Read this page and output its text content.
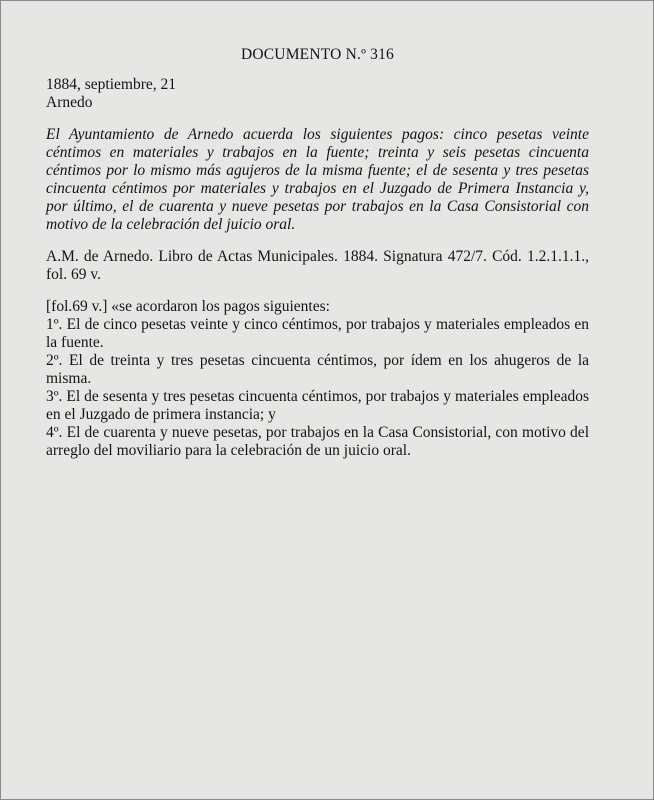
DOCUMENTO N.º 316

1884, septiembre, 21

Arnedo

El Ayuntamiento de Arnedo acuerda los siguientes pagos: cinco pesetas veinte céntimos en materiales y trabajos en la fuente; treinta y seis pesetas cincuenta céntimos por lo mismo más agujeros de la misma fuente; el de sesenta y tres pesetas cincuenta céntimos por materiales y trabajos en el Juzgado de Primera Instancia y, por último, el de cuarenta y nueve pesetas por trabajos en la Casa Consistorial con motivo de la celebración del juicio oral.

A.M. de Arnedo. Libro de Actas Municipales. 1884. Signatura 472/7. Cód. 1.2.1.1.1., fol. 69 v.

[fol.69 v.] «se acordaron los pagos siguientes:

1º. El de cinco pesetas veinte y cinco céntimos, por trabajos y materiales empleados en la fuente.

2º. El de treinta y tres pesetas cincuenta céntimos, por ídem en los ahugeros de la misma.

3º. El de sesenta y tres pesetas cincuenta céntimos, por trabajos y materiales empleados en el Juzgado de primera instancia; y

4º. El de cuarenta y nueve pesetas, por trabajos en la Casa Consistorial, con motivo del arreglo del moviliario para la celebración de un juicio oral.
